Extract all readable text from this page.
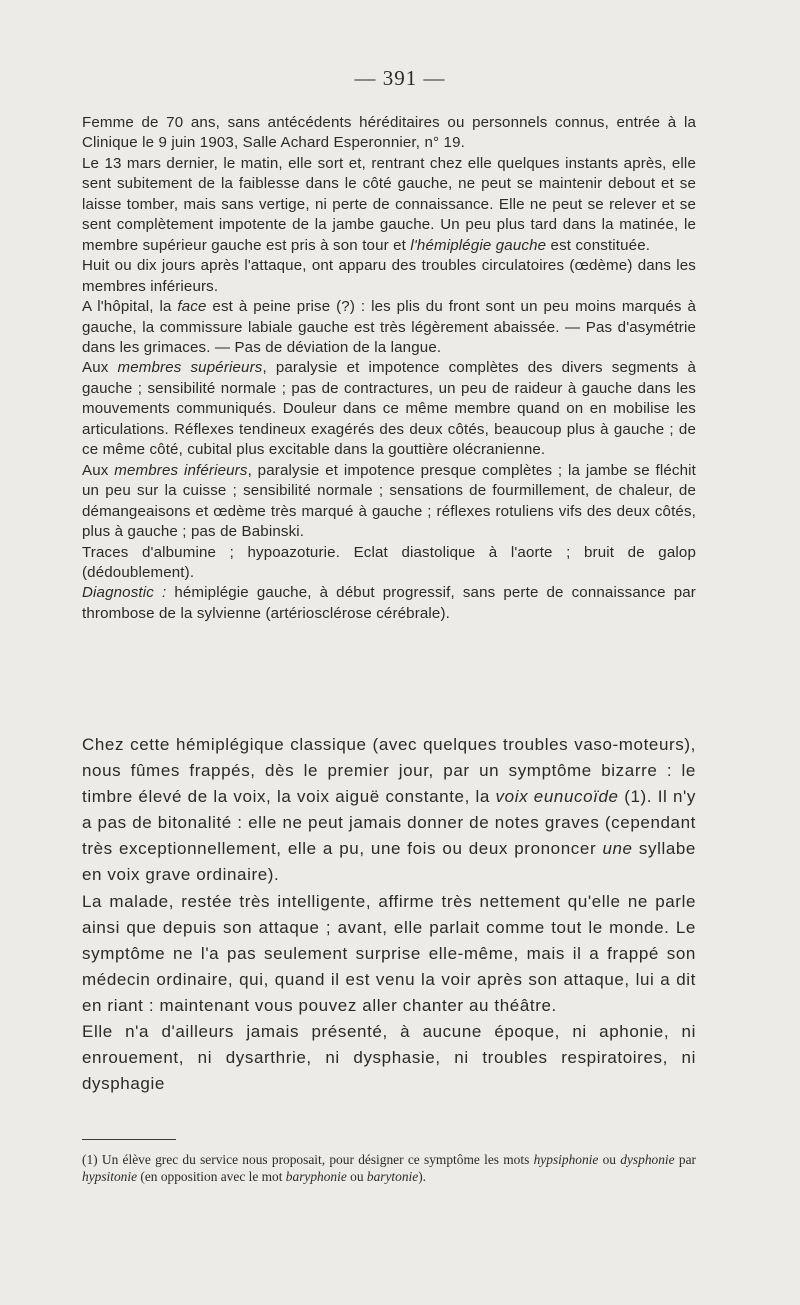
— 391 —

Femme de 70 ans, sans antécédents héréditaires ou personnels connus, entrée à la Clinique le 9 juin 1903, Salle Achard Esperonnier, n° 19.

Le 13 mars dernier, le matin, elle sort et, rentrant chez elle quelques instants après, elle sent subitement de la faiblesse dans le côté gauche, ne peut se maintenir debout et se laisse tomber, mais sans vertige, ni perte de connaissance. Elle ne peut se relever et se sent complètement impotente de la jambe gauche. Un peu plus tard dans la matinée, le membre supérieur gauche est pris à son tour et l'hémiplégie gauche est constituée.

Huit ou dix jours après l'attaque, ont apparu des troubles circulatoires (œdème) dans les membres inférieurs.

A l'hôpital, la face est à peine prise (?) : les plis du front sont un peu moins marqués à gauche, la commissure labiale gauche est très légèrement abaissée. — Pas d'asymétrie dans les grimaces. — Pas de déviation de la langue.

Aux membres supérieurs, paralysie et impotence complètes des divers segments à gauche ; sensibilité normale ; pas de contractures, un peu de raideur à gauche dans les mouvements communiqués. Douleur dans ce même membre quand on en mobilise les articulations. Réflexes tendineux exagérés des deux côtés, beaucoup plus à gauche ; de ce même côté, cubital plus excitable dans la gouttière olécranienne.

Aux membres inférieurs, paralysie et impotence presque complètes ; la jambe se fléchit un peu sur la cuisse ; sensibilité normale ; sensations de fourmillement, de chaleur, de démangeaisons et œdème très marqué à gauche ; réflexes rotuliens vifs des deux côtés, plus à gauche ; pas de Babinski.

Traces d'albumine ; hypoazoturie. Eclat diastolique à l'aorte ; bruit de galop (dédoublement).

Diagnostic : hémiplégie gauche, à début progressif, sans perte de connaissance par thrombose de la sylvienne (artériosclérose cérébrale).

Chez cette hémiplégique classique (avec quelques troubles vaso-moteurs), nous fûmes frappés, dès le premier jour, par un symptôme bizarre : le timbre élevé de la voix, la voix aiguë constante, la voix eunucoïde (1). Il n'y a pas de bitonalité : elle ne peut jamais donner de notes graves (cependant très exceptionnellement, elle a pu, une fois ou deux prononcer une syllabe en voix grave ordinaire).

La malade, restée très intelligente, affirme très nettement qu'elle ne parle ainsi que depuis son attaque ; avant, elle parlait comme tout le monde. Le symptôme ne l'a pas seulement surprise elle-même, mais il a frappé son médecin ordinaire, qui, quand il est venu la voir après son attaque, lui a dit en riant : maintenant vous pouvez aller chanter au théâtre.

Elle n'a d'ailleurs jamais présenté, à aucune époque, ni aphonie, ni enrouement, ni dysarthrie, ni dysphasie, ni troubles respiratoires, ni dysphagie

(1) Un élève grec du service nous proposait, pour désigner ce symptôme les mots hypsiphonie ou dysphonie par hypsitonie (en opposition avec le mot baryphonie ou barytonie).
